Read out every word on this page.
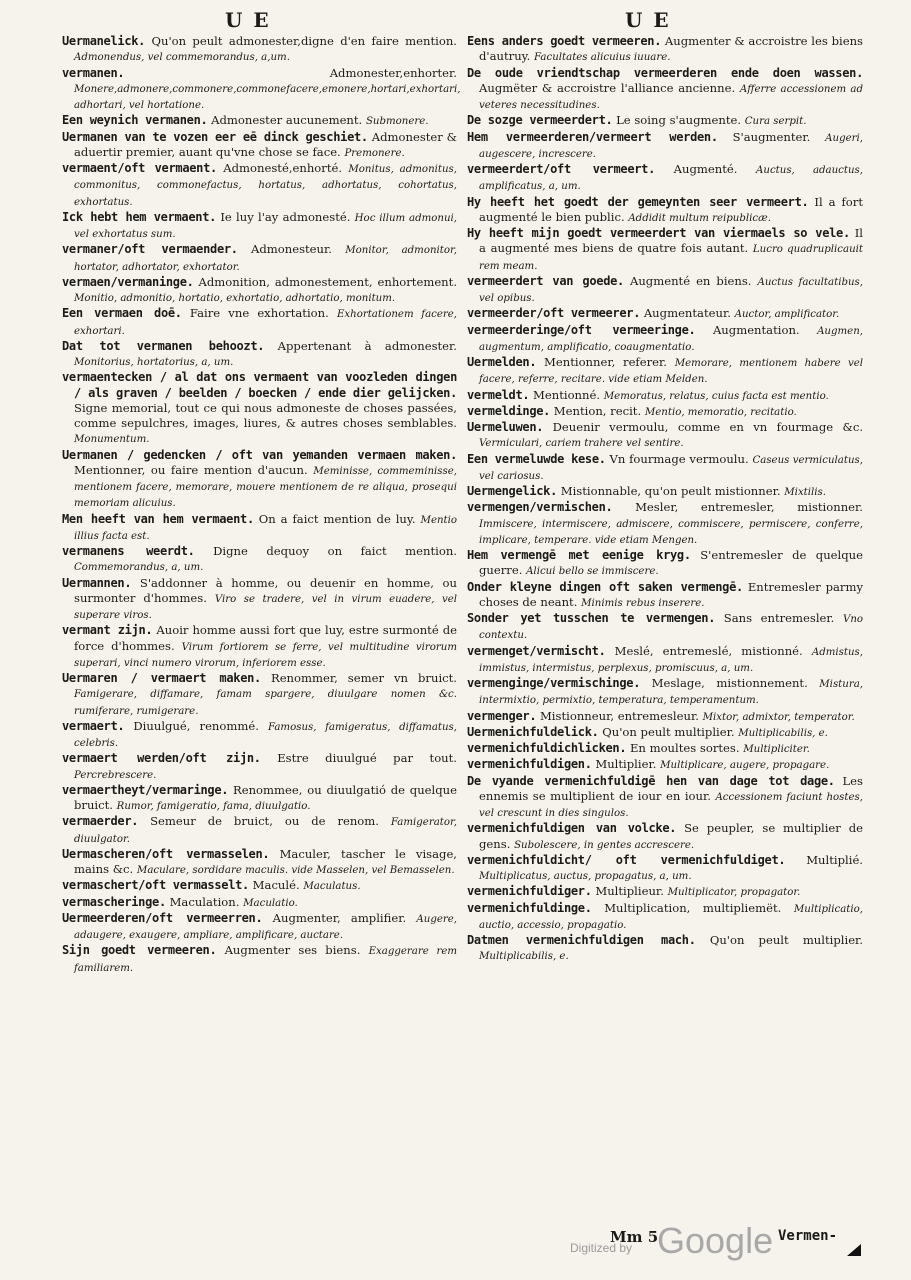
U E	U E
Uermanelick. Qu'on peult admonester,digne d'en faire mention. Admonendus, vel commemorandus, a,um.
vermanen.	Admonester,enhorter. Monere,admonere,commonere,commonefacere,emonere,hortari,exhortari, adhortari, vel hortatione.
Een weynich vermanen. Admonester aucunement. Submonere.
Uermanen van te vozen eer eē dinck geschiet. Admonester & aduertir premier, auant qu'vne chose se face. Premonere.
vermaent/oft vermaent. Admonesté,enhorté. Monitus, admonitus, commonitus, commonefactus, hortatus, adhortatus, cohortatus, exhortatus.
Ick hebt hem vermaent. Ie luy l'ay admonesté. Hoc illum admonui, vel exhortatus sum.
vermaner/oft vermaender. Admonesteur. Monitor, admonitor, hortator, adhortator, exhortator.
vermaen/vermaninge. Admonition, admonestement, enhortement. Monitio, admonitio, hortatio, exhortatio, adhortatio, monitum.
Een vermaen doē. Faire vne exhortation. Exhortationem facere, exhortari.
Dat tot vermanen behoozt. Appertenant à admonester. Monitorius, hortatorius, a, um.
vermaentecken / al dat ons vermaent van voozleden dingen / als graven / beelden / boecken / ende dier gelijcken. Signe memorial, tout ce qui nous admoneste de choses passées, comme sepulchres, images, liures, & autres choses semblables. Monumentum.
Uermanen / gedencken / oft van yemanden vermaen maken. Mentionner, ou faire mention d'aucun. Meminisse, commeminisse, mentionem facere, memorare, mouere mentionem de re aliqua, prosequi memoriam alicuius.
Men heeft van hem vermaent. On a faict mention de luy. Mentio illius facta est.
vermanens weerdt. Digne dequoy on faict mention. Commemorandus, a, um.
Uermannen. S'addonner à homme, ou deuenir en homme, ou surmonter d'hommes. Viro se tradere, vel in virum euadere, vel superare viros.
vermant zijn. Auoir homme aussi fort que luy, estre surmonté de force d'hommes. Virum fortiorem se ferre, vel multitudine virorum superari, vinci numero virorum, inferiorem esse.
Uermaren / vermaert maken. Renommer, semer vn bruict. Famigerare, diffamare, famam spargere, diuulgare nomen &c. rumiferare, rumigerare.
vermaert. Diuulgué, renommé. Famosus, famigeratus, diffamatus, celebris.
vermaert werden/oft zijn. Estre diuulgué par tout. Percrebrescere.
vermaertheyt/vermaringe. Renommee, ou diuulgatió de quelque bruict. Rumor, famigeratio, fama, diuulgatio.
vermaerder. Semeur de bruict, ou de renom. Famigerator, diuulgator.
Uermascheren/oft vermasselen. Maculer, tascher le visage, mains &c. Maculare, sordidare maculis. vide Masselen, vel Bemasselen.
vermaschert/oft vermasselt. Maculé. Maculatus.
vermascheringe. Maculation. Maculatio.
Uermeerderen/oft vermeerren. Augmenter, amplifier. Augere, adaugere, exaugere, ampliare, amplificare, auctare.
Sijn goedt vermeeren. Augmenter ses biens. Exaggerare rem familiarem.
Eens anders goedt vermeeren. Augmenter & accroistre les biens d'autruy. Facultates alicuius iuuare.
De oude vriendtschap vermeerderen ende doen wassen. Augmëter & accroistre l'alliance ancienne. Afferre accessionem ad veteres necessitudines.
De sozge vermeerdert. Le soing s'augmente. Cura serpit.
Hem vermeerderen/vermeert werden. S'augmenter. Augeri, augescere, increscere.
vermeerdert/oft vermeert. Augmenté. Auctus, adauctus, amplificatus, a, um.
Hy heeft het goedt der gemeynten seer vermeert. Il a fort augmenté le bien public. Addidit multum reipublicæ.
Hy heeft mijn goedt vermeerdert van viermaels so vele. Il a augmenté mes biens de quatre fois autant. Lucro quadruplicauit rem meam.
vermeerdert van goede. Augmenté en biens. Auctus facultatibus, vel opibus.
vermeerder/oft vermeerer. Augmentateur. Auctor, amplificator.
vermeerderinge/oft vermeeringe. Augmentation. Augmen, augmentum, amplificatio, coaugmentatio.
Uermelden. Mentionner, referer. Memorare, mentionem habere vel facere, referre, recitare. vide etiam Melden.
vermeldt. Mentionné. Memoratus, relatus, cuius facta est mentio.
vermeldinge. Mention, recit. Mentio, memoratio, recitatio.
Uermeluwen. Deuenir vermoulu, comme en vn fourmage &c. Vermiculari, cariem trahere vel sentire.
Een vermeluwde kese. Vn fourmage vermoulu. Caseus vermiculatus, vel cariosus.
Uermengelick. Mistionnable, qu'on peult mistionner. Mixtilis.
vermengen/vermischen. Mesler, entremesler, mistionner. Immiscere, intermiscere, admiscere, commiscere, permiscere, conferre, implicare, temperare. vide etiam Mengen.
Hem vermengē met eenige kryg. S'entremesler de quelque guerre. Alicui bello se immiscere.
Onder kleyne dingen oft saken vermengē. Entremesler parmy choses de neant. Minimis rebus inserere.
Sonder yet tusschen te vermengen. Sans entremesler. Vno contextu.
vermenget/vermischt. Meslé, entremeslé, mistionné. Admistus, immistus, intermistus, perplexus, promiscuus, a, um.
vermenginge/vermischinge. Meslage, mistionnement. Mistura, intermixtio, permixtio, temperatura, temperamentum.
vermenger. Mistionneur, entremesleur. Mixtor, admixtor, temperator.
Uermenichfuldelick. Qu'on peult multiplier. Multiplicabilis, e.
vermenichfuldichlicken. En moultes sortes. Multipliciter.
vermenichfuldigen. Multiplier. Multiplicare, augere, propagare.
De vyande vermenichfuldigē hen van dage tot dage. Les ennemis se multiplient de iour en iour. Accessionem faciunt hostes, vel crescunt in dies singulos.
vermenichfuldigen van volcke. Se peupler, se multiplier de gens. Subolescere, in gentes accrescere.
vermenichfuldicht/ oft vermenichfuldiget. Multiplié. Multiplicatus, auctus, propagatus, a, um.
vermenichfuldiger. Multiplieur. Multiplicator, propagator.
vermenichfuldinge. Multiplication, multipliemët. Multiplicatio, auctio, accessio, propagatio.
Datmen vermenichfuldigen mach. Qu'on peult multiplier. Multiplicabilis, e.
Digitized by
Mm 5
Google Vermen-
